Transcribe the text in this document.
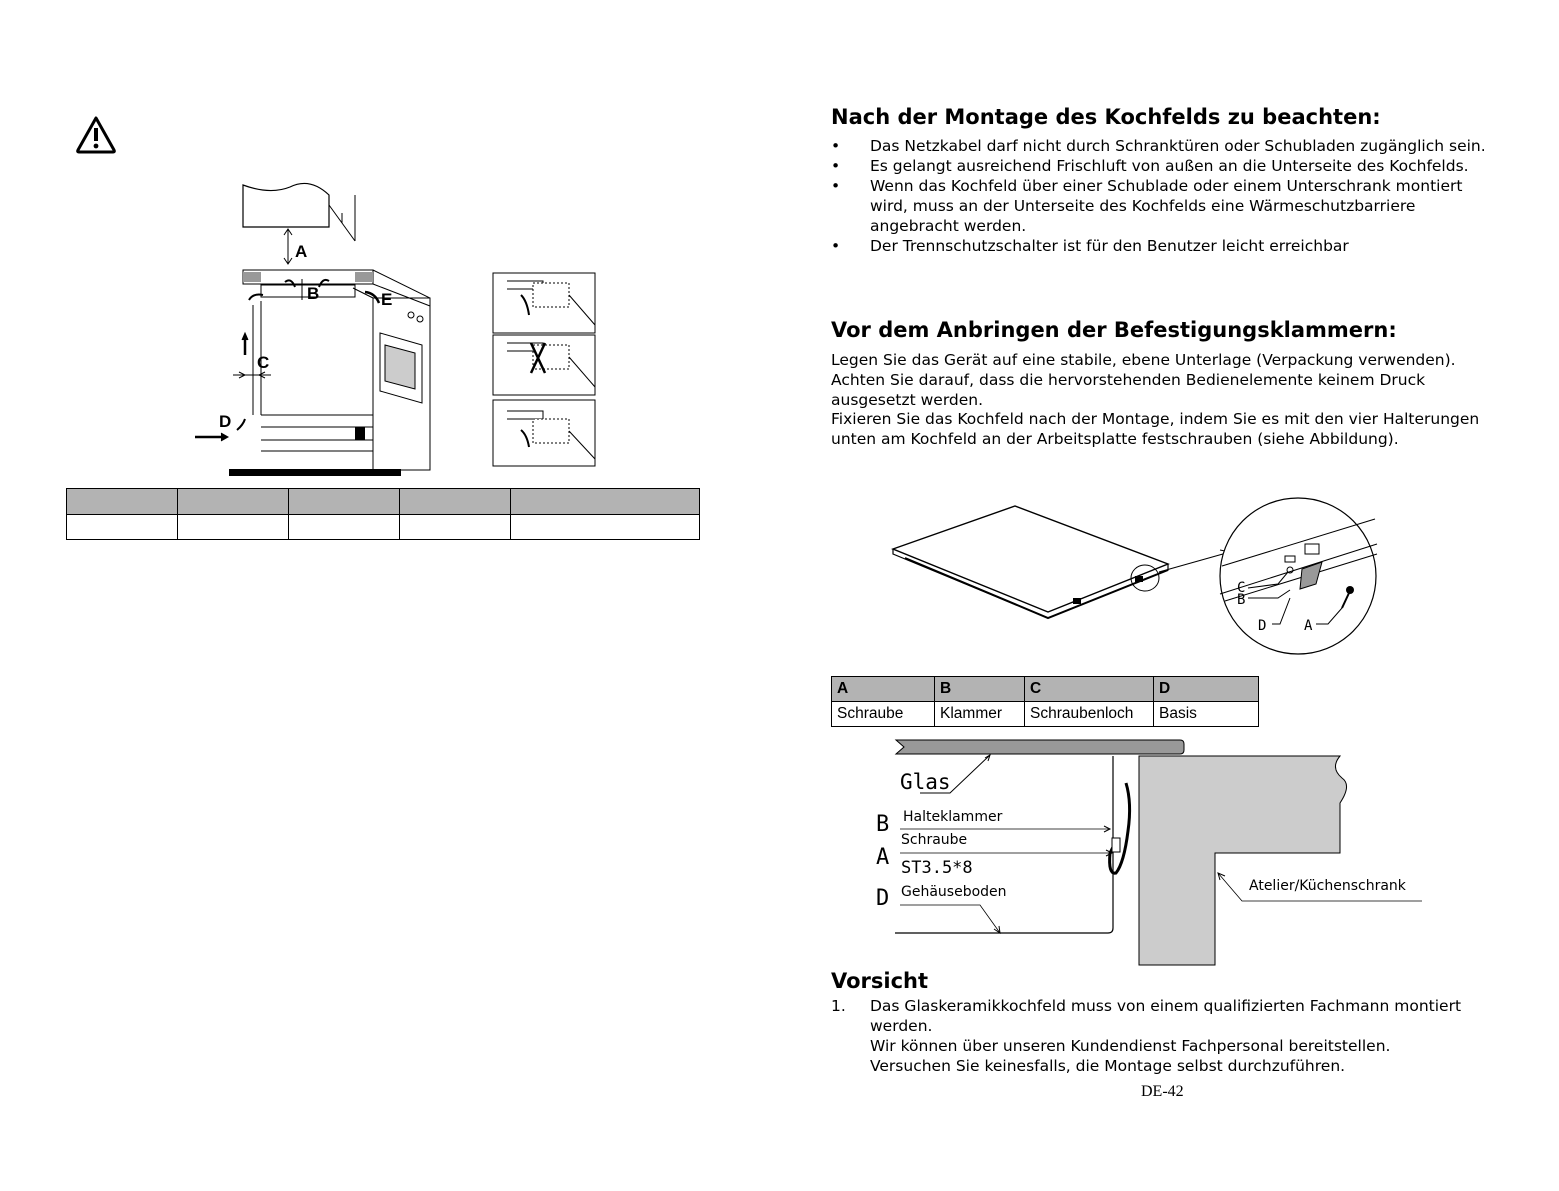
A
B	E
C
D

Nach der Montage des Kochfelds zu beachten:
• Das Netzkabel darf nicht durch Schranktüren oder Schubladen zugänglich sein.
• Es gelangt ausreichend Frischluft von außen an die Unterseite des Kochfelds.
• Wenn das Kochfeld über einer Schublade oder einem Unterschrank montiert wird, muss an der Unterseite des Kochfelds eine Wärmeschutzbarriere angebracht werden.
• Der Trennschutzschalter ist für den Benutzer leicht erreichbar
Vor dem Anbringen der Befestigungsklammern:

Legen Sie das Gerät auf eine stabile, ebene Unterlage (Verpackung verwenden). Achten Sie darauf, dass die hervorstehenden Bedienelemente keinem Druck ausgesetzt werden.

Fixieren Sie das Kochfeld nach der Montage, indem Sie es mit den vier Halterungen unten am Kochfeld an der Arbeitsplatte festschrauben (siehe Abbildung).

C
B
D	A
A	B	C	D
Schraube	Klammer	Schraubenloch	Basis
Glas
B Halteklammer
Schraube
A ST3.5*8
Gehäuseboden
D	Atelier/Küchenschrank
Vorsicht
1. Das Glaskeramikkochfeld muss von einem qualifizierten Fachmann montiert werden.
Wir können über unseren Kundendienst Fachpersonal bereitstellen.
Versuchen Sie keinesfalls, die Montage selbst durchzuführen.
DE-42
